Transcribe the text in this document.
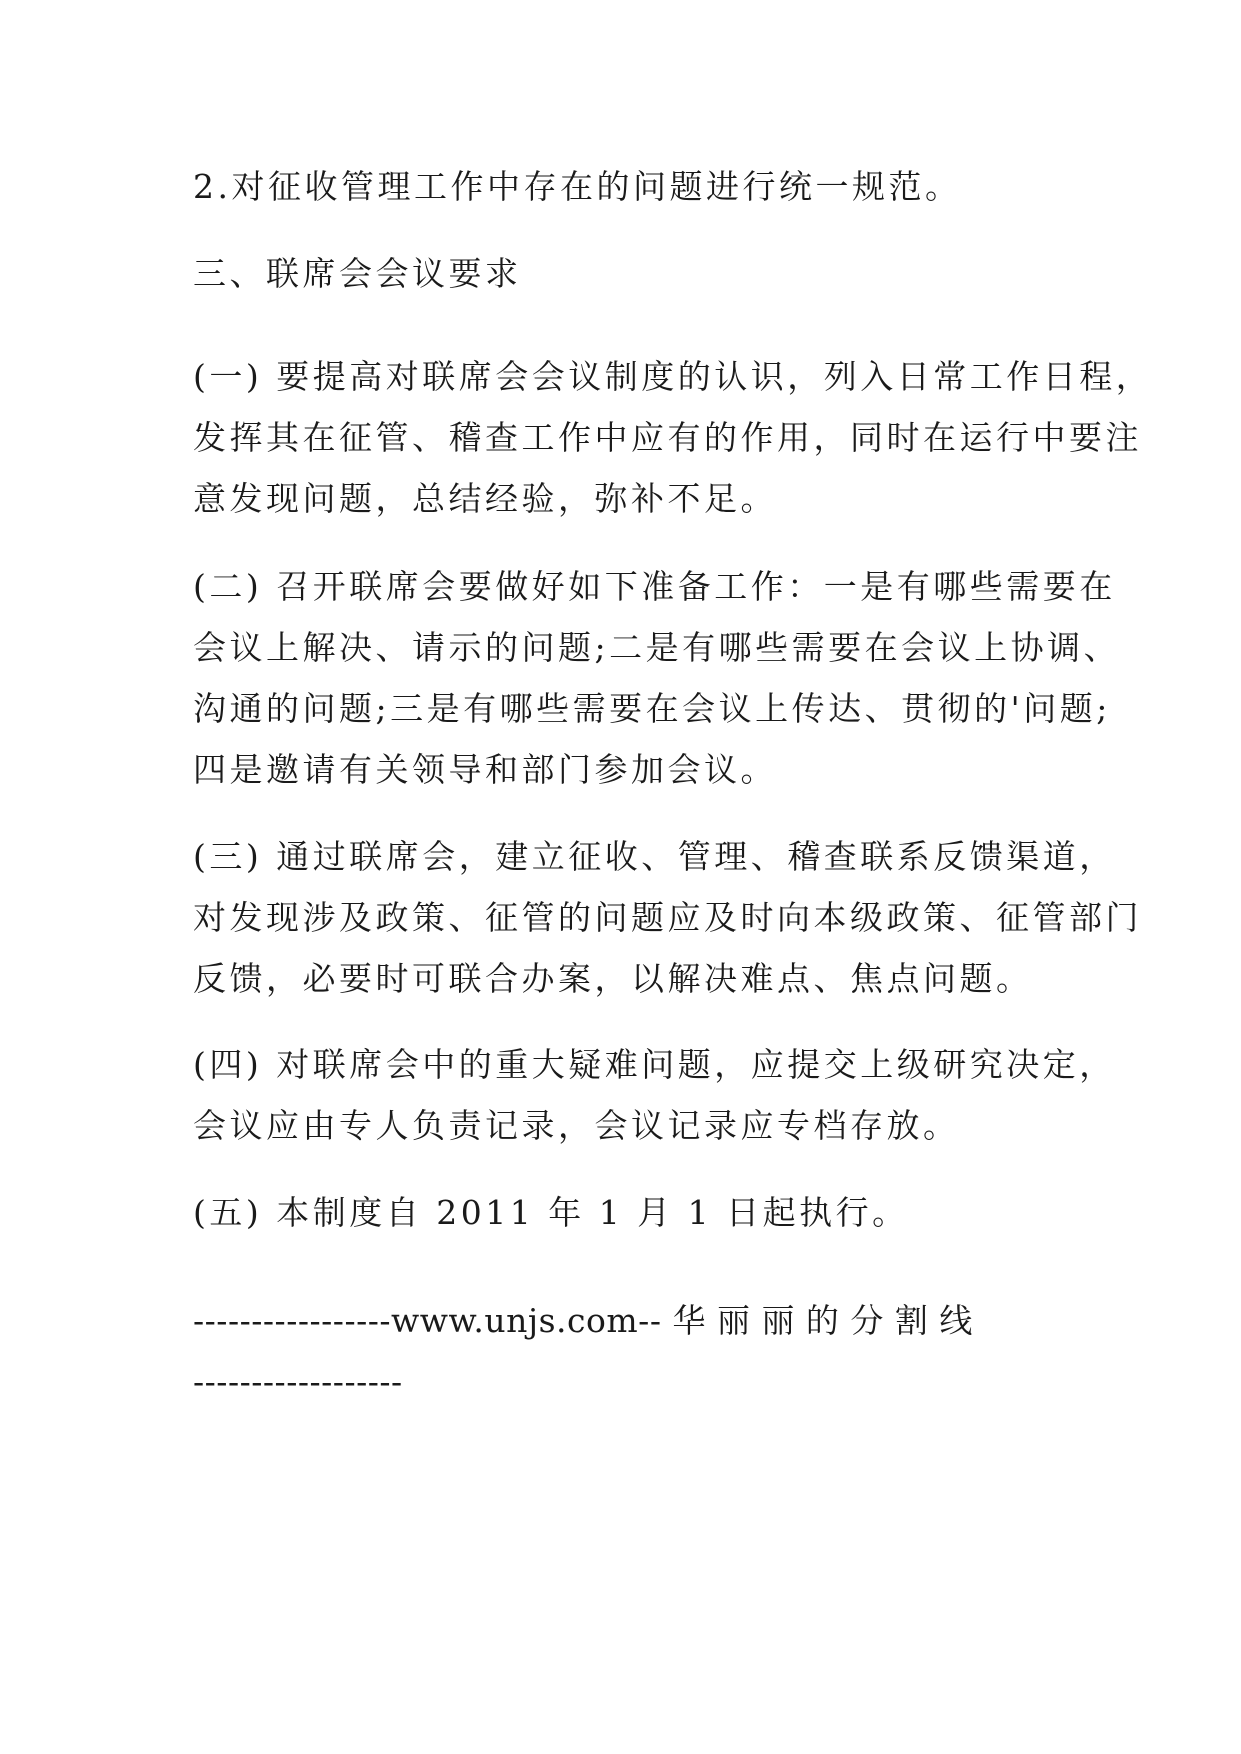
2.对征收管理工作中存在的问题进行统一规范。
三、联席会会议要求
(一) 要提高对联席会会议制度的认识，列入日常工作日程，
发挥其在征管、稽查工作中应有的作用，同时在运行中要注
意发现问题，总结经验，弥补不足。
(二) 召开联席会要做好如下准备工作：一是有哪些需要在
会议上解决、请示的问题;二是有哪些需要在会议上协调、
沟通的问题;三是有哪些需要在会议上传达、贯彻的'问题;
四是邀请有关领导和部门参加会议。
(三) 通过联席会，建立征收、管理、稽查联系反馈渠道，
对发现涉及政策、征管的问题应及时向本级政策、征管部门
反馈，必要时可联合办案，以解决难点、焦点问题。
(四) 对联席会中的重大疑难问题，应提交上级研究决定，
会议应由专人负责记录，会议记录应专档存放。
(五) 本制度自 2011 年 1 月 1 日起执行。
-----------------www.unjs.com-- 华 丽 丽 的 分 割 线
------------------
